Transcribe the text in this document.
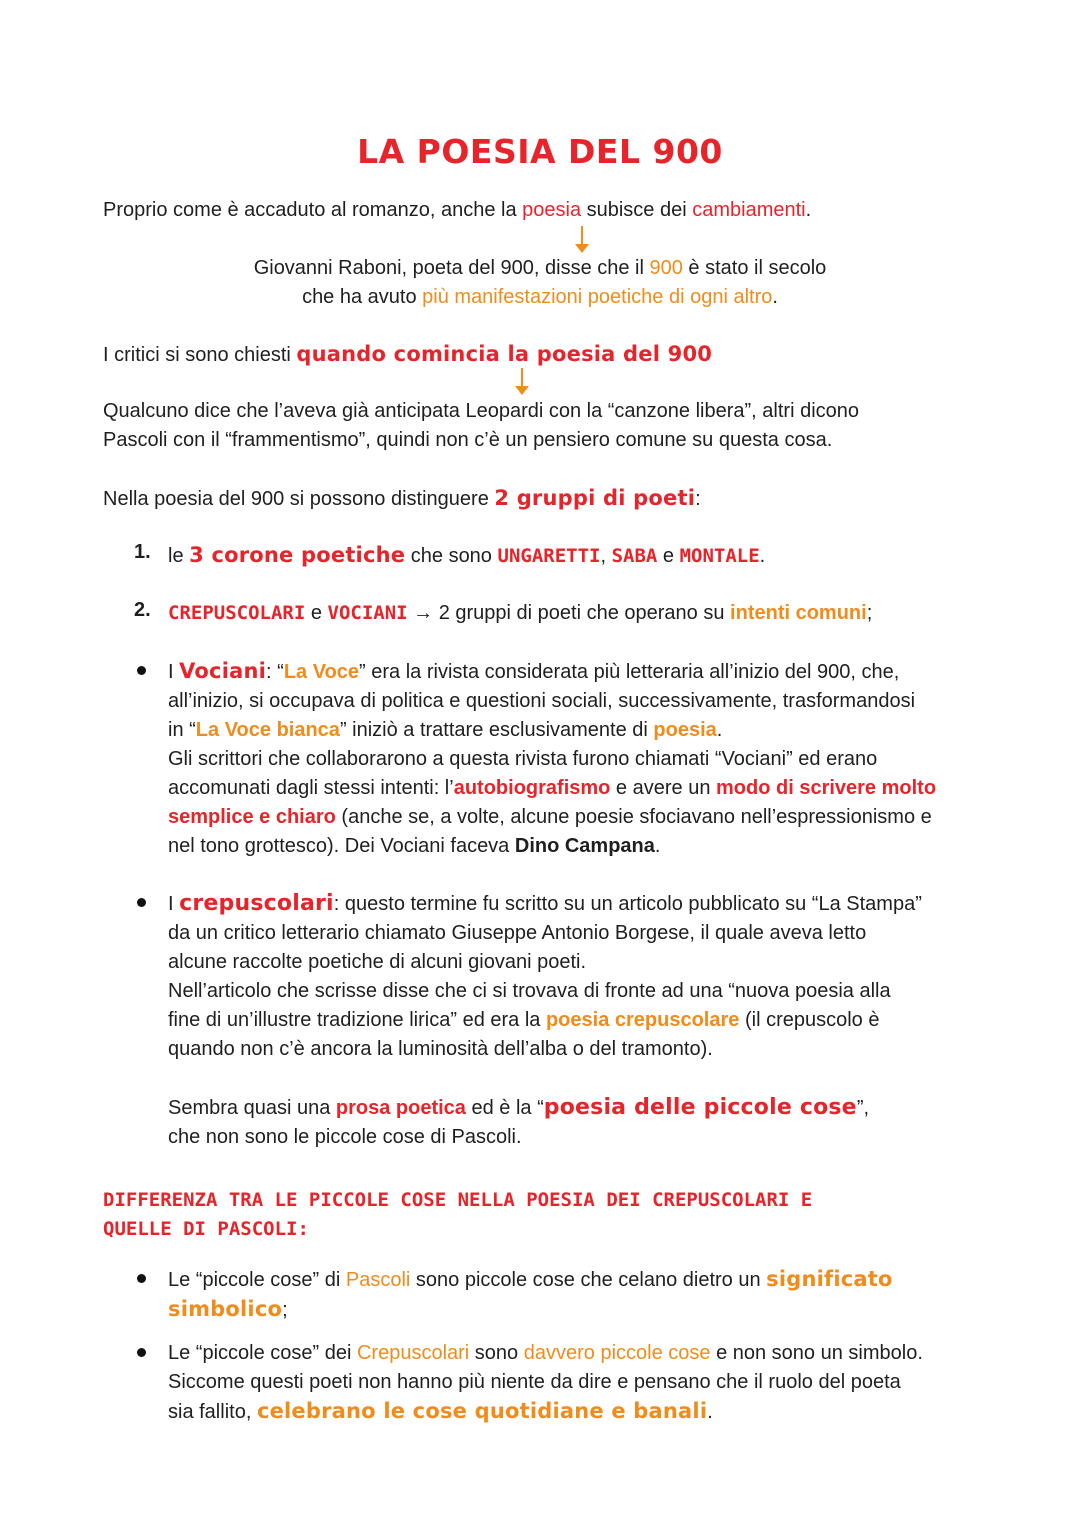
LA POESIA DEL 900
Proprio come è accaduto al romanzo, anche la poesia subisce dei cambiamenti.
Giovanni Raboni, poeta del 900, disse che il 900 è stato il secolo
che ha avuto più manifestazioni poetiche di ogni altro.
I critici si sono chiesti quando comincia la poesia del 900
Qualcuno dice che l’aveva già anticipata Leopardi con la “canzone libera”, altri dicono
Pascoli con il “frammentismo”, quindi non c’è un pensiero comune su questa cosa.
Nella poesia del 900 si possono distinguere 2 gruppi di poeti:
1. le 3 corone poetiche che sono UNGARETTI, SABA e MONTALE.
2. CREPUSCOLARI e VOCIANI → 2 gruppi di poeti che operano su intenti comuni;
I Vociani: “La Voce” era la rivista considerata più letteraria all’inizio del 900, che,
all’inizio, si occupava di politica e questioni sociali, successivamente, trasformandosi
in “La Voce bianca” iniziò a trattare esclusivamente di poesia.
Gli scrittori che collaborarono a questa rivista furono chiamati “Vociani” ed erano
accomunati dagli stessi intenti: l’autobiografismo e avere un modo di scrivere molto
semplice e chiaro (anche se, a volte, alcune poesie sfociavano nell’espressionismo e
nel tono grottesco). Dei Vociani faceva Dino Campana.
I crepuscolari: questo termine fu scritto su un articolo pubblicato su “La Stampa”
da un critico letterario chiamato Giuseppe Antonio Borgese, il quale aveva letto
alcune raccolte poetiche di alcuni giovani poeti.
Nell’articolo che scrisse disse che ci si trovava di fronte ad una “nuova poesia alla
fine di un’illustre tradizione lirica” ed era la poesia crepuscolare (il crepuscolo è
quando non c’è ancora la luminosità dell’alba o del tramonto).
Sembra quasi una prosa poetica ed è la “poesia delle piccole cose”,
che non sono le piccole cose di Pascoli.
DIFFERENZA TRA LE PICCOLE COSE NELLA POESIA DEI CREPUSCOLARI E
QUELLE DI PASCOLI:
Le “piccole cose” di Pascoli sono piccole cose che celano dietro un significato
simbolico;
Le “piccole cose” dei Crepuscolari sono davvero piccole cose e non sono un simbolo.
Siccome questi poeti non hanno più niente da dire e pensano che il ruolo del poeta
sia fallito, celebrano le cose quotidiane e banali.
